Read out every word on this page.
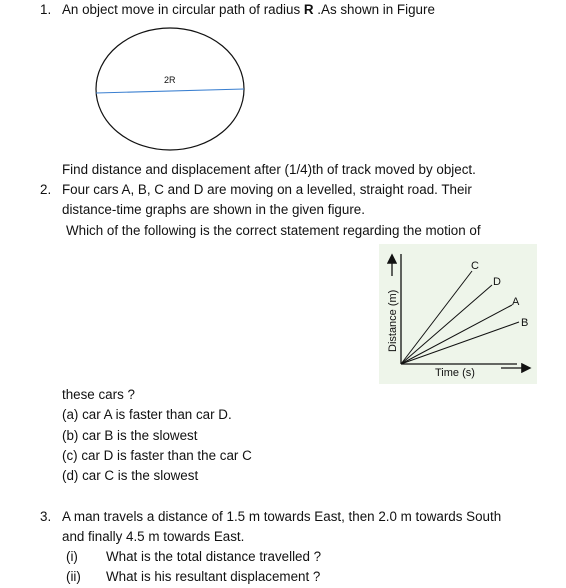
1. An object move in circular path of radius R .As shown in Figure
2R
Find distance and displacement after (1/4)th of track moved by object.
2. Four cars A, B, C and D are moving on a levelled, straight road. Their
distance-time graphs are shown in the given figure.
Which of the following is the correct statement regarding the motion of
C
D
A
B
Distance (m)
Time (s)
these cars ?
(a) car A is faster than car D.
(b) car B is the slowest
(c) car D is faster than the car C
(d) car C is the slowest
3. A man travels a distance of 1.5 m towards East, then 2.0 m towards South
and finally 4.5 m towards East.
(i) What is the total distance travelled ?
(ii) What is his resultant displacement ?
